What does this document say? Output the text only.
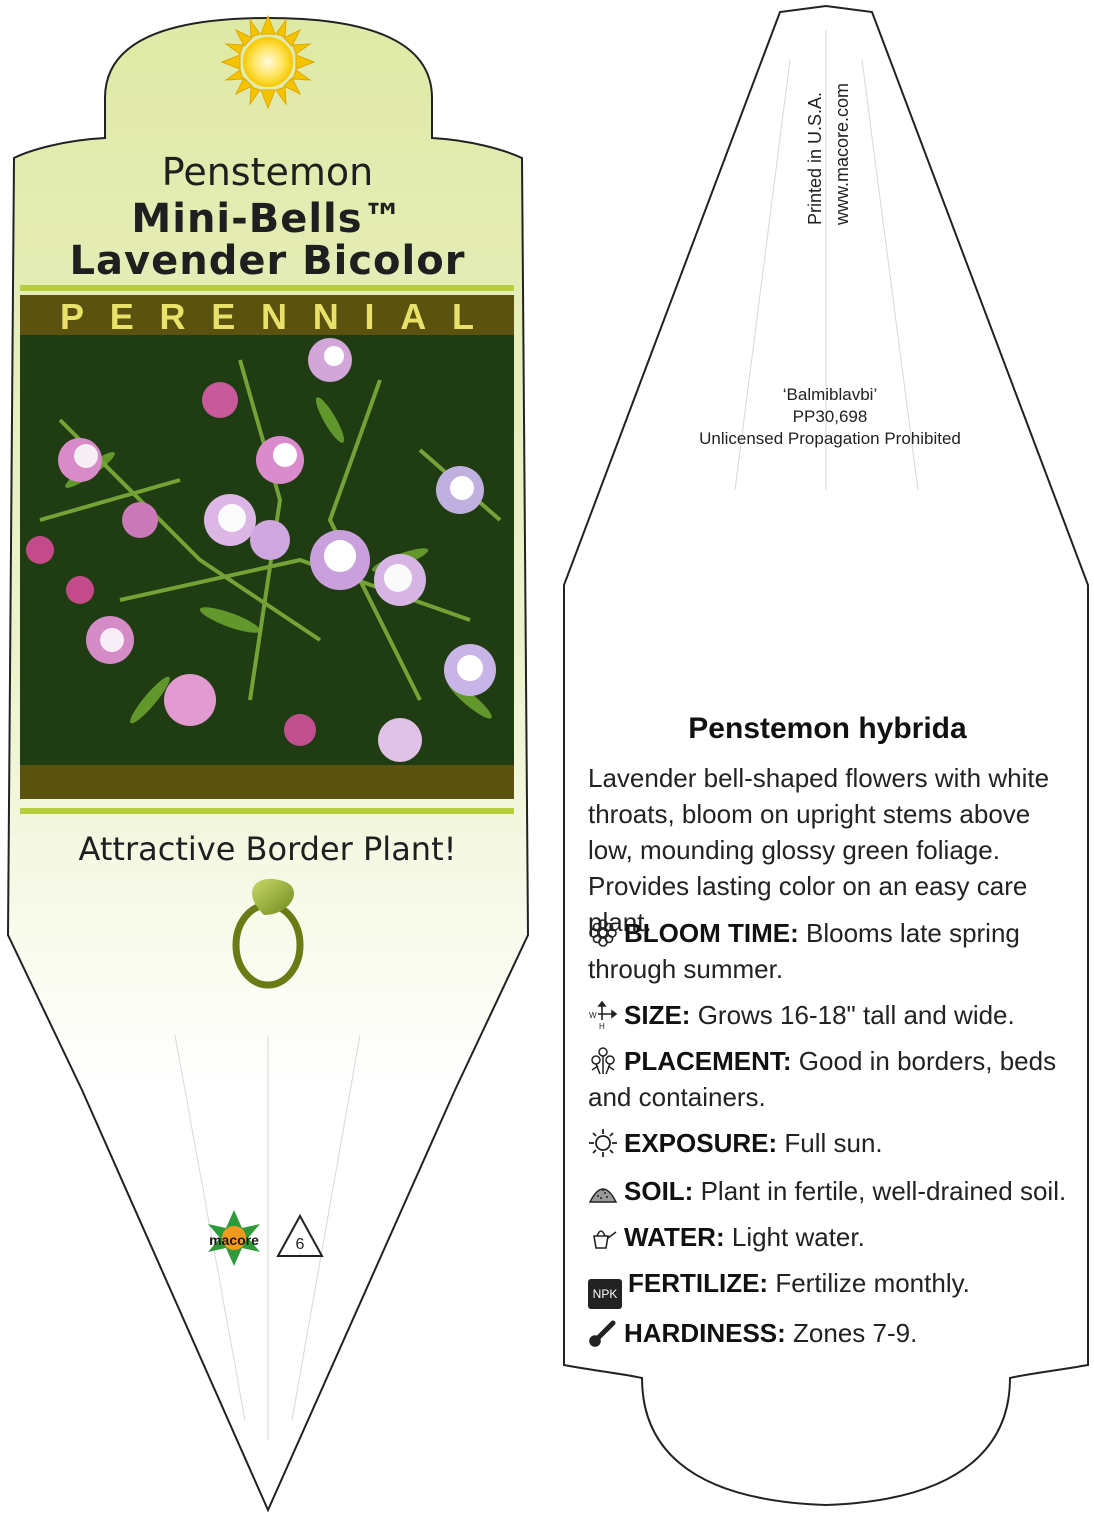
Penstemon
Mini-Bells™
Lavender Bicolor
P E R E N N I A L
Attractive Border Plant!
macore	6
Printed in U.S.A. www.macore.com
‘Balmiblavbi’
PP30,698
Unlicensed Propagation Prohibited
Penstemon hybrida
Lavender bell-shaped flowers with white throats, bloom on upright stems above low, mounding glossy green foliage. Provides lasting color on an easy care plant.
BLOOM TIME: Blooms late spring through summer.
W
H SIZE: Grows 16-18" tall and wide.
PLACEMENT: Good in borders, beds and containers.
EXPOSURE: Full sun.
SOIL: Plant in fertile, well-drained soil.
WATER: Light water.
NPK FERTILIZE: Fertilize monthly.
HARDINESS: Zones 7-9.
